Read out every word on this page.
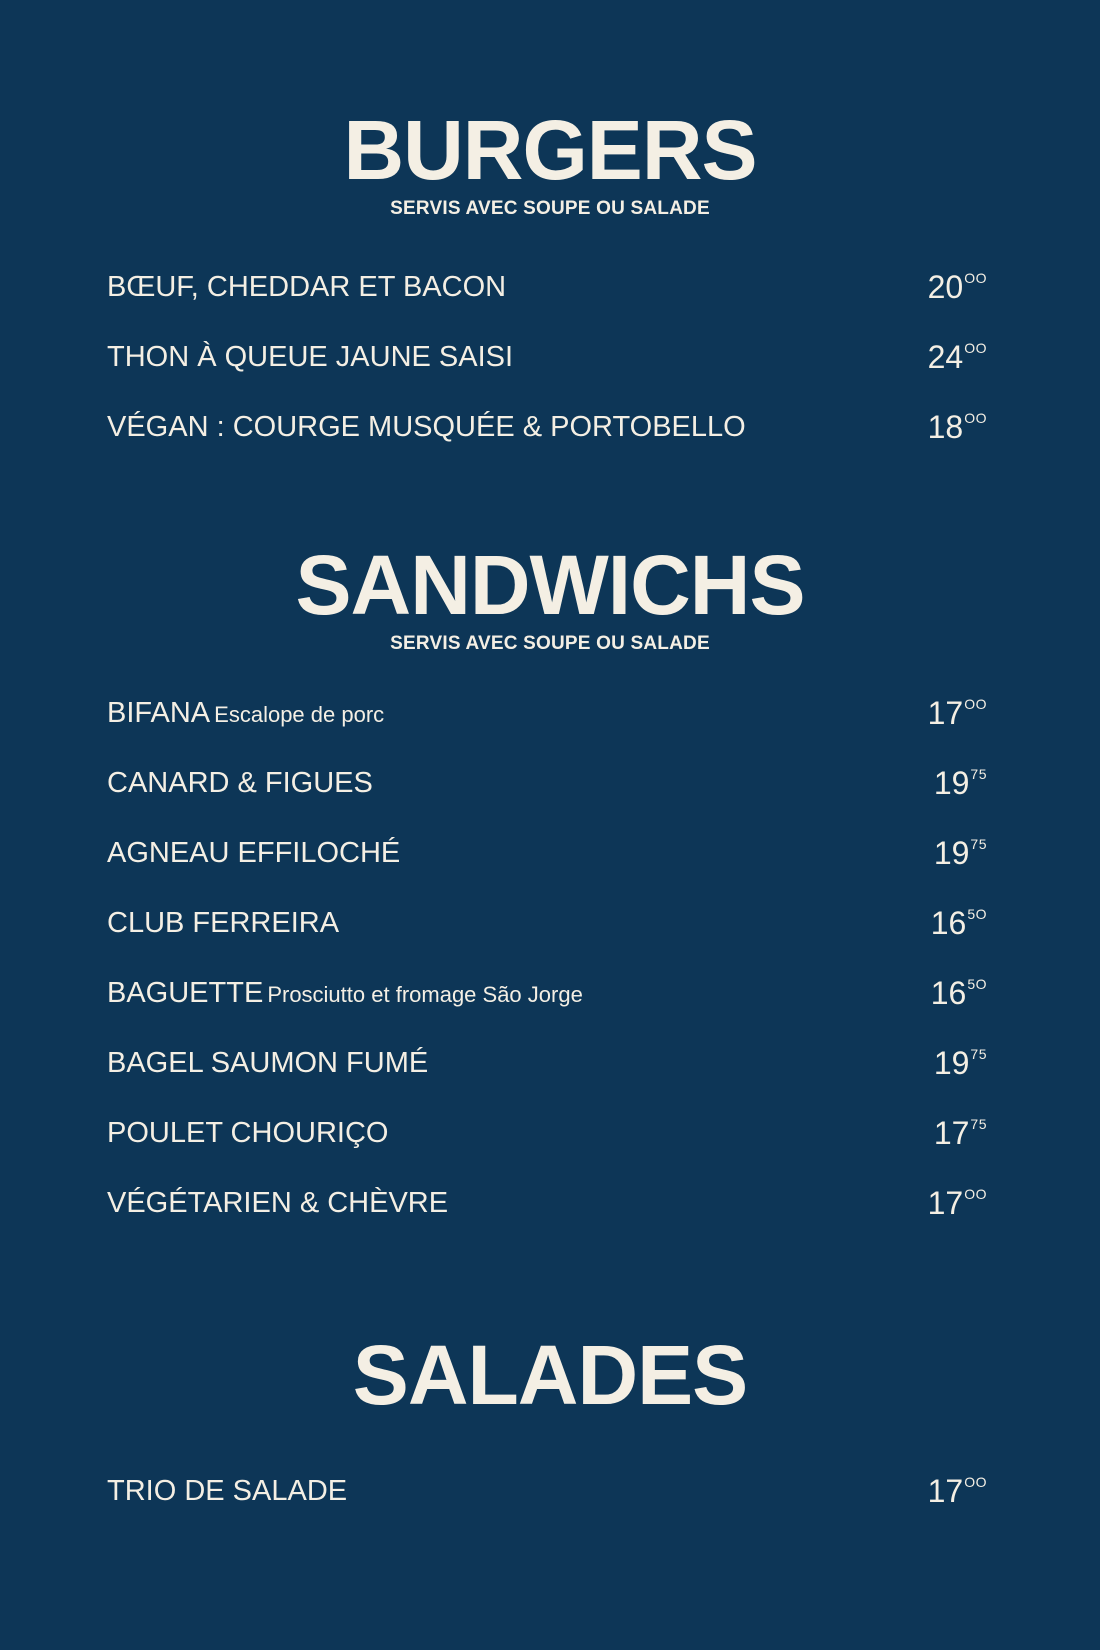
BURGERS
SERVIS AVEC SOUPE OU SALADE
BŒUF, CHEDDAR ET BACON	$20^{OO}$
THON À QUEUE JAUNE SAISI	$24^{OO}$
VÉGAN : COURGE MUSQUÉE & PORTOBELLO	$18^{OO}$
SANDWICHS
SERVIS AVEC SOUPE OU SALADE
BIFANA Escalope de porc	$17^{OO}$
CANARD & FIGUES	$19^{75}$
AGNEAU EFFILOCHÉ	$19^{75}$
CLUB FERREIRA	$16^{5O}$
BAGUETTE Prosciutto et fromage São Jorge	$16^{5O}$
BAGEL SAUMON FUMÉ	$19^{75}$
POULET CHOURIÇO	$17^{75}$
VÉGÉTARIEN & CHÈVRE	$17^{OO}$
SALADES
TRIO DE SALADE	$17^{OO}$
